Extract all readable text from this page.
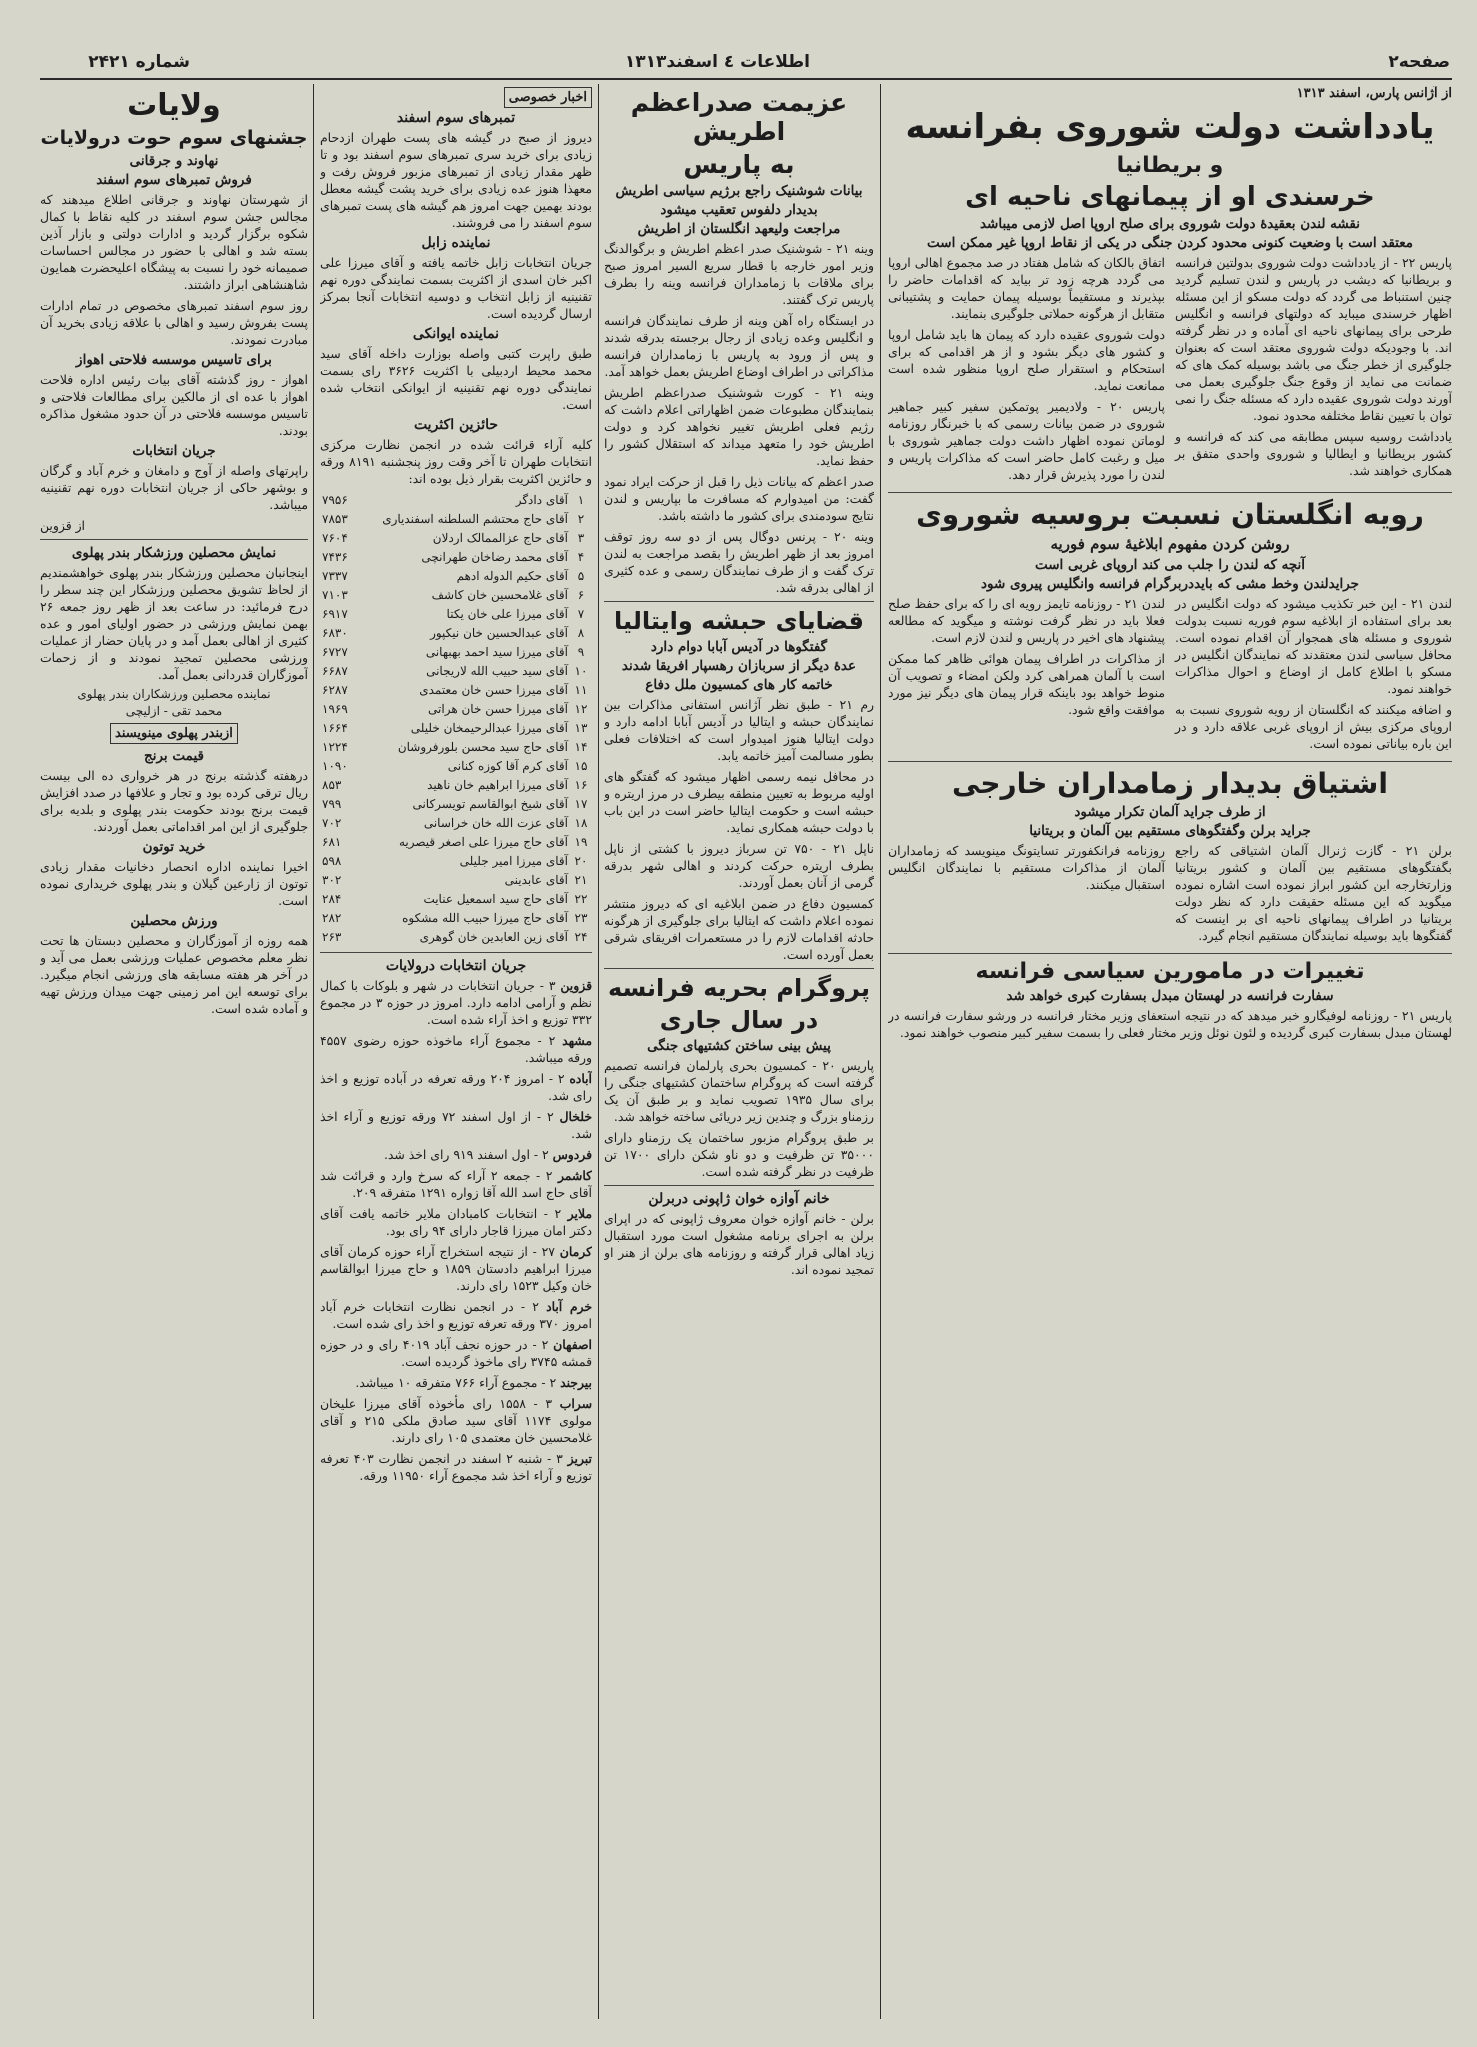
صفحه۲
اطلاعات ٤ اسفند۱۳۱۳
شماره ۲۴۲۱
از آژانس پارس، اسفند ۱۳۱۳
یادداشت دولت شوروی بفرانسه
و بریطانیا
خرسندی او از پیمانهای ناحیه ای
نقشه لندن بعقیدهٔ دولت شوروی برای صلح اروپا اصل لازمی میباشد
معتقد است با وضعیت کنونی محدود کردن جنگی در یکی از نقاط اروپا غیر ممکن است

پاریس ۲۲ - از یادداشت دولت شوروی بدولتین فرانسه و بریطانیا که دیشب در پاریس و لندن تسلیم گردید چنین استنباط می گردد که دولت مسکو از این مسئله اظهار خرسندی میباید که دولتهای فرانسه و انگلیس طرحی برای پیمانهای ناحیه ای آماده و در نظر گرفته اند. با وجودیکه دولت شوروی معتقد است که بعنوان جلوگیری از خطر جنگ می باشد بوسیله کمک های که ضمانت می نماید از وقوع جنگ جلوگیری بعمل می آورند دولت شوروی عقیده دارد که مسئله جنگ را نمی توان با تعیین نقاط مختلفه محدود نمود.

یادداشت روسیه سپس مطابقه می کند که فرانسه و کشور بریطانیا و ایطالیا و شوروی واحدی متفق بر همکاری خواهند شد.

اتفاق بالکان که شامل هفتاد در صد مجموع اهالی اروپا می گردد هرچه زود تر بیاید که اقدامات حاضر را بپذیرند و مستقیماً بوسیله پیمان حمایت و پشتیبانی متقابل از هرگونه حملاتی جلوگیری بنمایند.

دولت شوروی عقیده دارد که پیمان ها باید شامل اروپا و کشور های دیگر بشود و از هر اقدامی که برای استحکام و استقرار صلح اروپا منظور شده است ممانعت نماید.

پاریس ۲۰ - ولادیمیر پوتمکین سفیر کبیر جماهیر شوروی در ضمن بیانات رسمی که با خبرنگار روزنامه لوماتن نموده اظهار داشت دولت جماهیر شوروی با میل و رغبت کامل حاضر است که مذاکرات پاریس و لندن را مورد پذیرش قرار دهد.

رویه انگلستان نسبت بروسیه شوروی
روشن کردن مفهوم ابلاغیهٔ سوم فوریه
آنچه که لندن را جلب می کند اروپای غربی است
جرایدلندن وخط مشی که بایددربرگرام فرانسه وانگلیس پیروی شود

لندن ۲۱ - این خبر تکذیب میشود که دولت انگلیس در بعد برای استفاده از ابلاغیه سوم فوریه نسبت بدولت شوروی و مسئله های همجوار آن اقدام نموده است. محافل سیاسی لندن معتقدند که نمایندگان انگلیس در مسکو با اطلاع کامل از اوضاع و احوال مذاکرات خواهند نمود.

و اضافه میکنند که انگلستان از رویه شوروی نسبت به اروپای مرکزی بیش از اروپای غربی علاقه دارد و در این باره بیاناتی نموده است.

لندن ۲۱ - روزنامه تایمز رویه ای را که برای حفظ صلح فعلا باید در نظر گرفت نوشته و میگوید که مطالعه پیشنهاد های اخیر در پاریس و لندن لازم است.

از مذاکرات در اطراف پیمان هوائی ظاهر کما ممکن است با آلمان همراهی کرد ولکن امضاء و تصویب آن منوط خواهد بود باینکه قرار پیمان های دیگر نیز مورد موافقت واقع شود.

اشتیاق بدیدار زمامداران خارجی
از طرف جراید آلمان تکرار میشود
جراید برلن وگفتگوهای مستقیم بین آلمان و بریتانیا

برلن ۲۱ - گازت ژنرال آلمان اشتیاقی که راجع بگفتگوهای مستقیم بین آلمان و کشور بریتانیا وزارتخارجه این کشور ابراز نموده است اشاره نموده میگوید که این مسئله حقیقت دارد که نظر دولت بریتانیا در اطراف پیمانهای ناحیه ای بر اینست که گفتگوها باید بوسیله نمایندگان مستقیم انجام گیرد.

روزنامه فرانکفورتر تسایتونگ مینویسد که زمامداران آلمان از مذاکرات مستقیم با نمایندگان انگلیس استقبال میکنند.

تغییرات در مامورین سیاسی فرانسه
سفارت فرانسه در لهستان مبدل بسفارت کبری خواهد شد

پاریس ۲۱ - روزنامه لوفیگارو خبر میدهد که در نتیجه استعفای وزیر مختار فرانسه در ورشو سفارت فرانسه در لهستان مبدل بسفارت کبری گردیده و لئون نوئل وزیر مختار فعلی را بسمت سفیر کبیر منصوب خواهند نمود.

عزیمت صدراعظم اطریش
به پاریس
بیانات شوشنیک راجع برژیم سیاسی اطریش
بدیدار دلفوس تعقیب میشود
مراجعت ولیعهد انگلستان از اطریش

وینه ۲۱ - شوشنیک صدر اعظم اطریش و برگوالدنگ وزیر امور خارجه با قطار سریع السیر امروز صبح برای ملاقات با زمامداران فرانسه وینه را بطرف پاریس ترک گفتند.

در ایستگاه راه آهن وینه از طرف نمایندگان فرانسه و انگلیس وعده زیادی از رجال برجسته بدرقه شدند و پس از ورود به پاریس با زمامداران فرانسه مذاکراتی در اطراف اوضاع اطریش بعمل خواهد آمد.

وینه ۲۱ - کورت شوشنیک صدراعظم اطریش بنمایندگان مطبوعات ضمن اظهاراتی اعلام داشت که رژیم فعلی اطریش تغییر نخواهد کرد و دولت اطریش خود را متعهد میداند که استقلال کشور را حفظ نماید.

صدر اعظم که بیانات ذیل را قبل از حرکت ایراد نمود گفت: من امیدوارم که مسافرت ما بپاریس و لندن نتایج سودمندی برای کشور ما داشته باشد.

وینه ۲۰ - پرنس دوگال پس از دو سه روز توقف امروز بعد از ظهر اطریش را بقصد مراجعت به لندن ترک گفت و از طرف نمایندگان رسمی و عده کثیری از اهالی بدرقه شد.

قضایای حبشه وایتالیا
گفتگوها در آدیس آبابا دوام دارد
عدهٔ دیگر از سربازان رهسپار افریقا شدند
خاتمه کار های کمسیون ملل دفاع

رم ۲۱ - طبق نظر آژانس استفانی مذاکرات بین نمایندگان حبشه و ایتالیا در آدیس آبابا ادامه دارد و دولت ایتالیا هنوز امیدوار است که اختلافات فعلی بطور مسالمت آمیز خاتمه یابد.

در محافل نیمه رسمی اظهار میشود که گفتگو های اولیه مربوط به تعیین منطقه بیطرف در مرز اریتره و حبشه است و حکومت ایتالیا حاضر است در این باب با دولت حبشه همکاری نماید.

ناپل ۲۱ - ۷۵۰ تن سرباز دیروز با کشتی از ناپل بطرف اریتره حرکت کردند و اهالی شهر بدرقه گرمی از آنان بعمل آوردند.

کمسیون دفاع در ضمن ابلاغیه ای که دیروز منتشر نموده اعلام داشت که ایتالیا برای جلوگیری از هرگونه حادثه اقدامات لازم را در مستعمرات افریقای شرقی بعمل آورده است.

پروگرام بحریه فرانسه
در سال جاری
پیش بینی ساختن کشتیهای جنگی

پاریس ۲۰ - کمسیون بحری پارلمان فرانسه تصمیم گرفته است که پروگرام ساختمان کشتیهای جنگی را برای سال ۱۹۳۵ تصویب نماید و بر طبق آن یک رزمناو بزرگ و چندین زیر دریائی ساخته خواهد شد.

بر طبق پروگرام مزبور ساختمان یک رزمناو دارای ۳۵۰۰۰ تن ظرفیت و دو ناو شکن دارای ۱۷۰۰ تن ظرفیت در نظر گرفته شده است.

خانم آوازه خوان ژاپونی دربرلن

برلن - خانم آوازه خوان معروف ژاپونی که در اپرای برلن به اجرای برنامه مشغول است مورد استقبال زیاد اهالی قرار گرفته و روزنامه های برلن از هنر او تمجید نموده اند.

اخبار خصوصی
تمبرهای سوم اسفند

دیروز از صبح در گیشه های پست طهران ازدحام زیادی برای خرید سری تمبرهای سوم اسفند بود و تا ظهر مقدار زیادی از تمبرهای مزبور فروش رفت و معهذا هنوز عده زیادی برای خرید پشت گیشه معطل بودند بهمین جهت امروز هم گیشه های پست تمبرهای سوم اسفند را می فروشند.

نماینده زابل

جریان انتخابات زابل خاتمه یافته و آقای میرزا علی اکبر خان اسدی از اکثریت بسمت نمایندگی دوره نهم تقنینیه از زابل انتخاب و دوسیه انتخابات آنجا بمرکز ارسال گردیده است.

نماینده ایوانکی

طبق راپرت کتبی واصله بوزارت داخله آقای سید محمد محیط اردبیلی با اکثریت ۳۶۲۶ رای بسمت نمایندگی دوره نهم تقنینیه از ایوانکی انتخاب شده است.

حائزین اکثریت

کلیه آراء قرائت شده در انجمن نظارت مرکزی انتخابات طهران تا آخر وقت روز پنجشنبه ۸۱۹۱ ورقه و حائزین اکثریت بقرار ذیل بوده اند:

۱	آقای دادگر	۷۹۵۶
۲	آقای حاج محتشم السلطنه اسفندیاری	۷۸۵۳
۳	آقای حاج عزالممالک اردلان	۷۶۰۴
۴	آقای محمد رضاخان طهرانچی	۷۴۳۶
۵	آقای حکیم الدوله ادهم	۷۳۳۷
۶	آقای غلامحسین خان کاشف	۷۱۰۳
۷	آقای میرزا علی خان یکتا	۶۹۱۷
۸	آقای عبدالحسین خان نیکپور	۶۸۳۰
۹	آقای میرزا سید احمد بهبهانی	۶۷۲۷
۱۰	آقای سید حبیب الله لاریجانی	۶۶۸۷
۱۱	آقای میرزا حسن خان معتمدی	۶۲۸۷
۱۲	آقای میرزا حسن خان هراتی	۱۹۶۹
۱۳	آقای میرزا عبدالرحیمخان خلیلی	۱۶۶۴
۱۴	آقای حاج سید محسن بلورفروشان	۱۲۲۴
۱۵	آقای کرم آقا کوزه کنانی	۱۰۹۰
۱۶	آقای میرزا ابراهیم خان ناهید	۸۵۳
۱۷	آقای شیخ ابوالقاسم تویسرکانی	۷۹۹
۱۸	آقای عزت الله خان خراسانی	۷۰۲
۱۹	آقای حاج میرزا علی اصغر قیصریه	۶۸۱
۲۰	آقای میرزا امیر جلیلی	۵۹۸
۲۱	آقای عابدینی	۳۰۲
۲۲	آقای حاج سید اسمعیل عنایت	۲۸۴
۲۳	آقای حاج میرزا حبیب الله مشکوه	۲۸۲
۲۴	آقای زین العابدین خان گوهری	۲۶۳
جریان انتخابات درولایات

قزوین ۳ - جریان انتخابات در شهر و بلوکات با کمال نظم و آرامی ادامه دارد. امروز در حوزه ۳ در مجموع ۳۳۲ توزیع و اخذ آراء شده است.

مشهد ۲ - مجموع آراء ماخوذه حوزه رضوی ۴۵۵۷ ورقه میباشد.

آباده ۲ - امروز ۲۰۴ ورقه تعرفه در آباده توزیع و اخذ رای شد.

خلخال ۲ - از اول اسفند ۷۲ ورقه توزیع و آراء اخذ شد.

فردوس ۲ - اول اسفند ۹۱۹ رای اخذ شد.

کاشمر ۲ - جمعه ۲ آراء که سرخ وارد و قرائت شد آقای حاج اسد الله آقا زواره ۱۲۹۱ متفرقه ۲۰۹.

ملایر ۲ - انتخابات کامبادان ملایر خاتمه یافت آقای دکتر امان میرزا قاجار دارای ۹۴ رای بود.

کرمان ۲۷ - از نتیجه استخراج آراء حوزه کرمان آقای میرزا ابراهیم دادستان ۱۸۵۹ و حاج میرزا ابوالقاسم خان وکیل ۱۵۲۳ رای دارند.

خرم آباد ۲ - در انجمن نظارت انتخابات خرم آباد امروز ۳۷۰ ورقه تعرفه توزیع و اخذ رای شده است.

اصفهان ۲ - در حوزه نجف آباد ۴۰۱۹ رای و در حوزه قمشه ۳۷۴۵ رای ماخوذ گردیده است.

بیرجند ۲ - مجموع آراء ۷۶۶ متفرقه ۱۰ میباشد.

سراب ۳ - ۱۵۵۸ رای مأخوذه آقای میرزا علیخان مولوی ۱۱۷۴ آقای سید صادق ملکی ۲۱۵ و آقای غلامحسین خان معتمدی ۱۰۵ رای دارند.

تبریز ۳ - شنبه ۲ اسفند در انجمن نظارت ۴۰۳ تعرفه توزیع و آراء اخذ شد مجموع آراء ۱۱۹۵۰ ورقه.

ولایات
جشنهای سوم حوت درولایات
نهاوند و جرقانی
فروش تمبرهای سوم اسفند

از شهرستان نهاوند و جرقانی اطلاع میدهند که مجالس جشن سوم اسفند در کلیه نقاط با کمال شکوه برگزار گردید و ادارات دولتی و بازار آذین بسته شد و اهالی با حضور در مجالس احساسات صمیمانه خود را نسبت به پیشگاه اعلیحضرت همایون شاهنشاهی ابراز داشتند.

روز سوم اسفند تمبرهای مخصوص در تمام ادارات پست بفروش رسید و اهالی با علاقه زیادی بخرید آن مبادرت نمودند.

برای تاسیس موسسه فلاحتی اهواز

اهواز - روز گذشته آقای بیات رئیس اداره فلاحت اهواز با عده ای از مالکین برای مطالعات فلاحتی و تاسیس موسسه فلاحتی در آن حدود مشغول مذاکره بودند.

جریان انتخابات

راپرتهای واصله از آوج و دامغان و خرم آباد و گرگان و بوشهر حاکی از جریان انتخابات دوره نهم تقنینیه میباشد.

از قزوین

نمایش محصلین ورزشکار بندر پهلوی

اینجانبان محصلین ورزشکار بندر پهلوی خواهشمندیم از لحاظ تشویق محصلین ورزشکار این چند سطر را درج فرمائید: در ساعت بعد از ظهر روز جمعه ۲۶ بهمن نمایش ورزشی در حضور اولیای امور و عده کثیری از اهالی بعمل آمد و در پایان حضار از عملیات ورزشی محصلین تمجید نمودند و از زحمات آموزگاران قدردانی بعمل آمد.

نماینده محصلین ورزشکاران بندر پهلوی
محمد تقی - ازلیچی
ازبندر پهلوی مینویسند
قیمت برنج

درهفته گذشته برنج در هر خرواری ده الی بیست ریال ترقی کرده بود و تجار و علافها در صدد افزایش قیمت برنج بودند حکومت بندر پهلوی و بلدیه برای جلوگیری از این امر اقداماتی بعمل آوردند.

خرید توتون

اخیرا نماینده اداره انحصار دخانیات مقدار زیادی توتون از زارعین گیلان و بندر پهلوی خریداری نموده است.

ورزش محصلین

همه روزه از آموزگاران و محصلین دبستان ها تحت نظر معلم مخصوص عملیات ورزشی بعمل می آید و در آخر هر هفته مسابقه های ورزشی انجام میگیرد. برای توسعه این امر زمینی جهت میدان ورزش تهیه و آماده شده است.
